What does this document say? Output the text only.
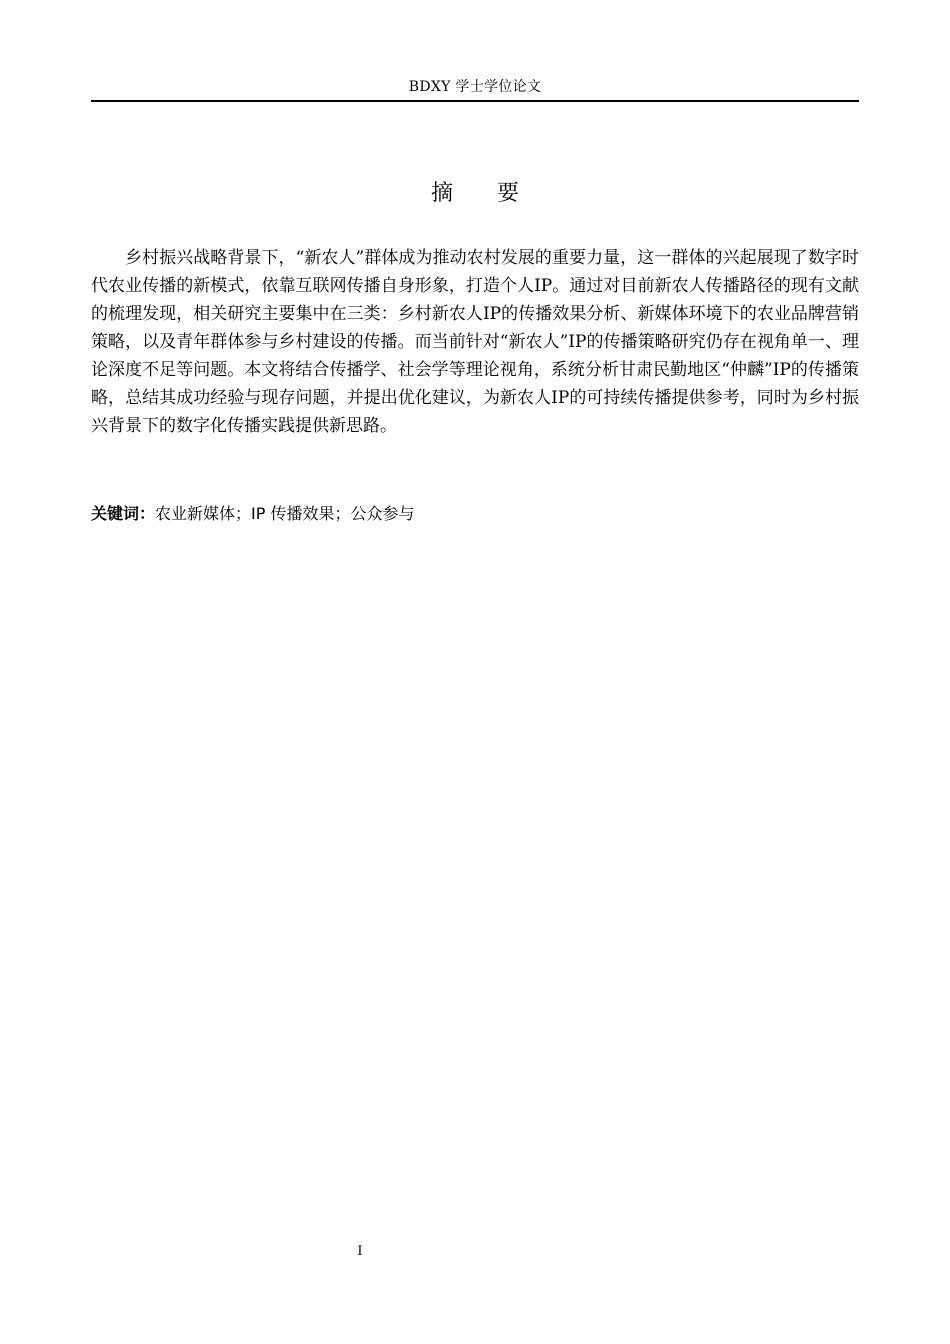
BDXY 学士学位论文
摘要

乡村振兴战略背景下，“新农人”群体成为推动农村发展的重要力量，这一群体的兴起展现了数字时代农业传播的新模式，依靠互联网传播自身形象，打造个人IP。通过对目前新农人传播路径的现有文献的梳理发现，相关研究主要集中在三类：乡村新农人IP的传播效果分析、新媒体环境下的农业品牌营销策略，以及青年群体参与乡村建设的传播。而当前针对“新农人”IP的传播策略研究仍存在视角单一、理论深度不足等问题。本文将结合传播学、社会学等理论视角，系统分析甘肃民勤地区“仲麟”IP的传播策略，总结其成功经验与现存问题，并提出优化建议，为新农人IP的可持续传播提供参考，同时为乡村振兴背景下的数字化传播实践提供新思路。

关键词：农业新媒体；IP 传播效果；公众参与
I
